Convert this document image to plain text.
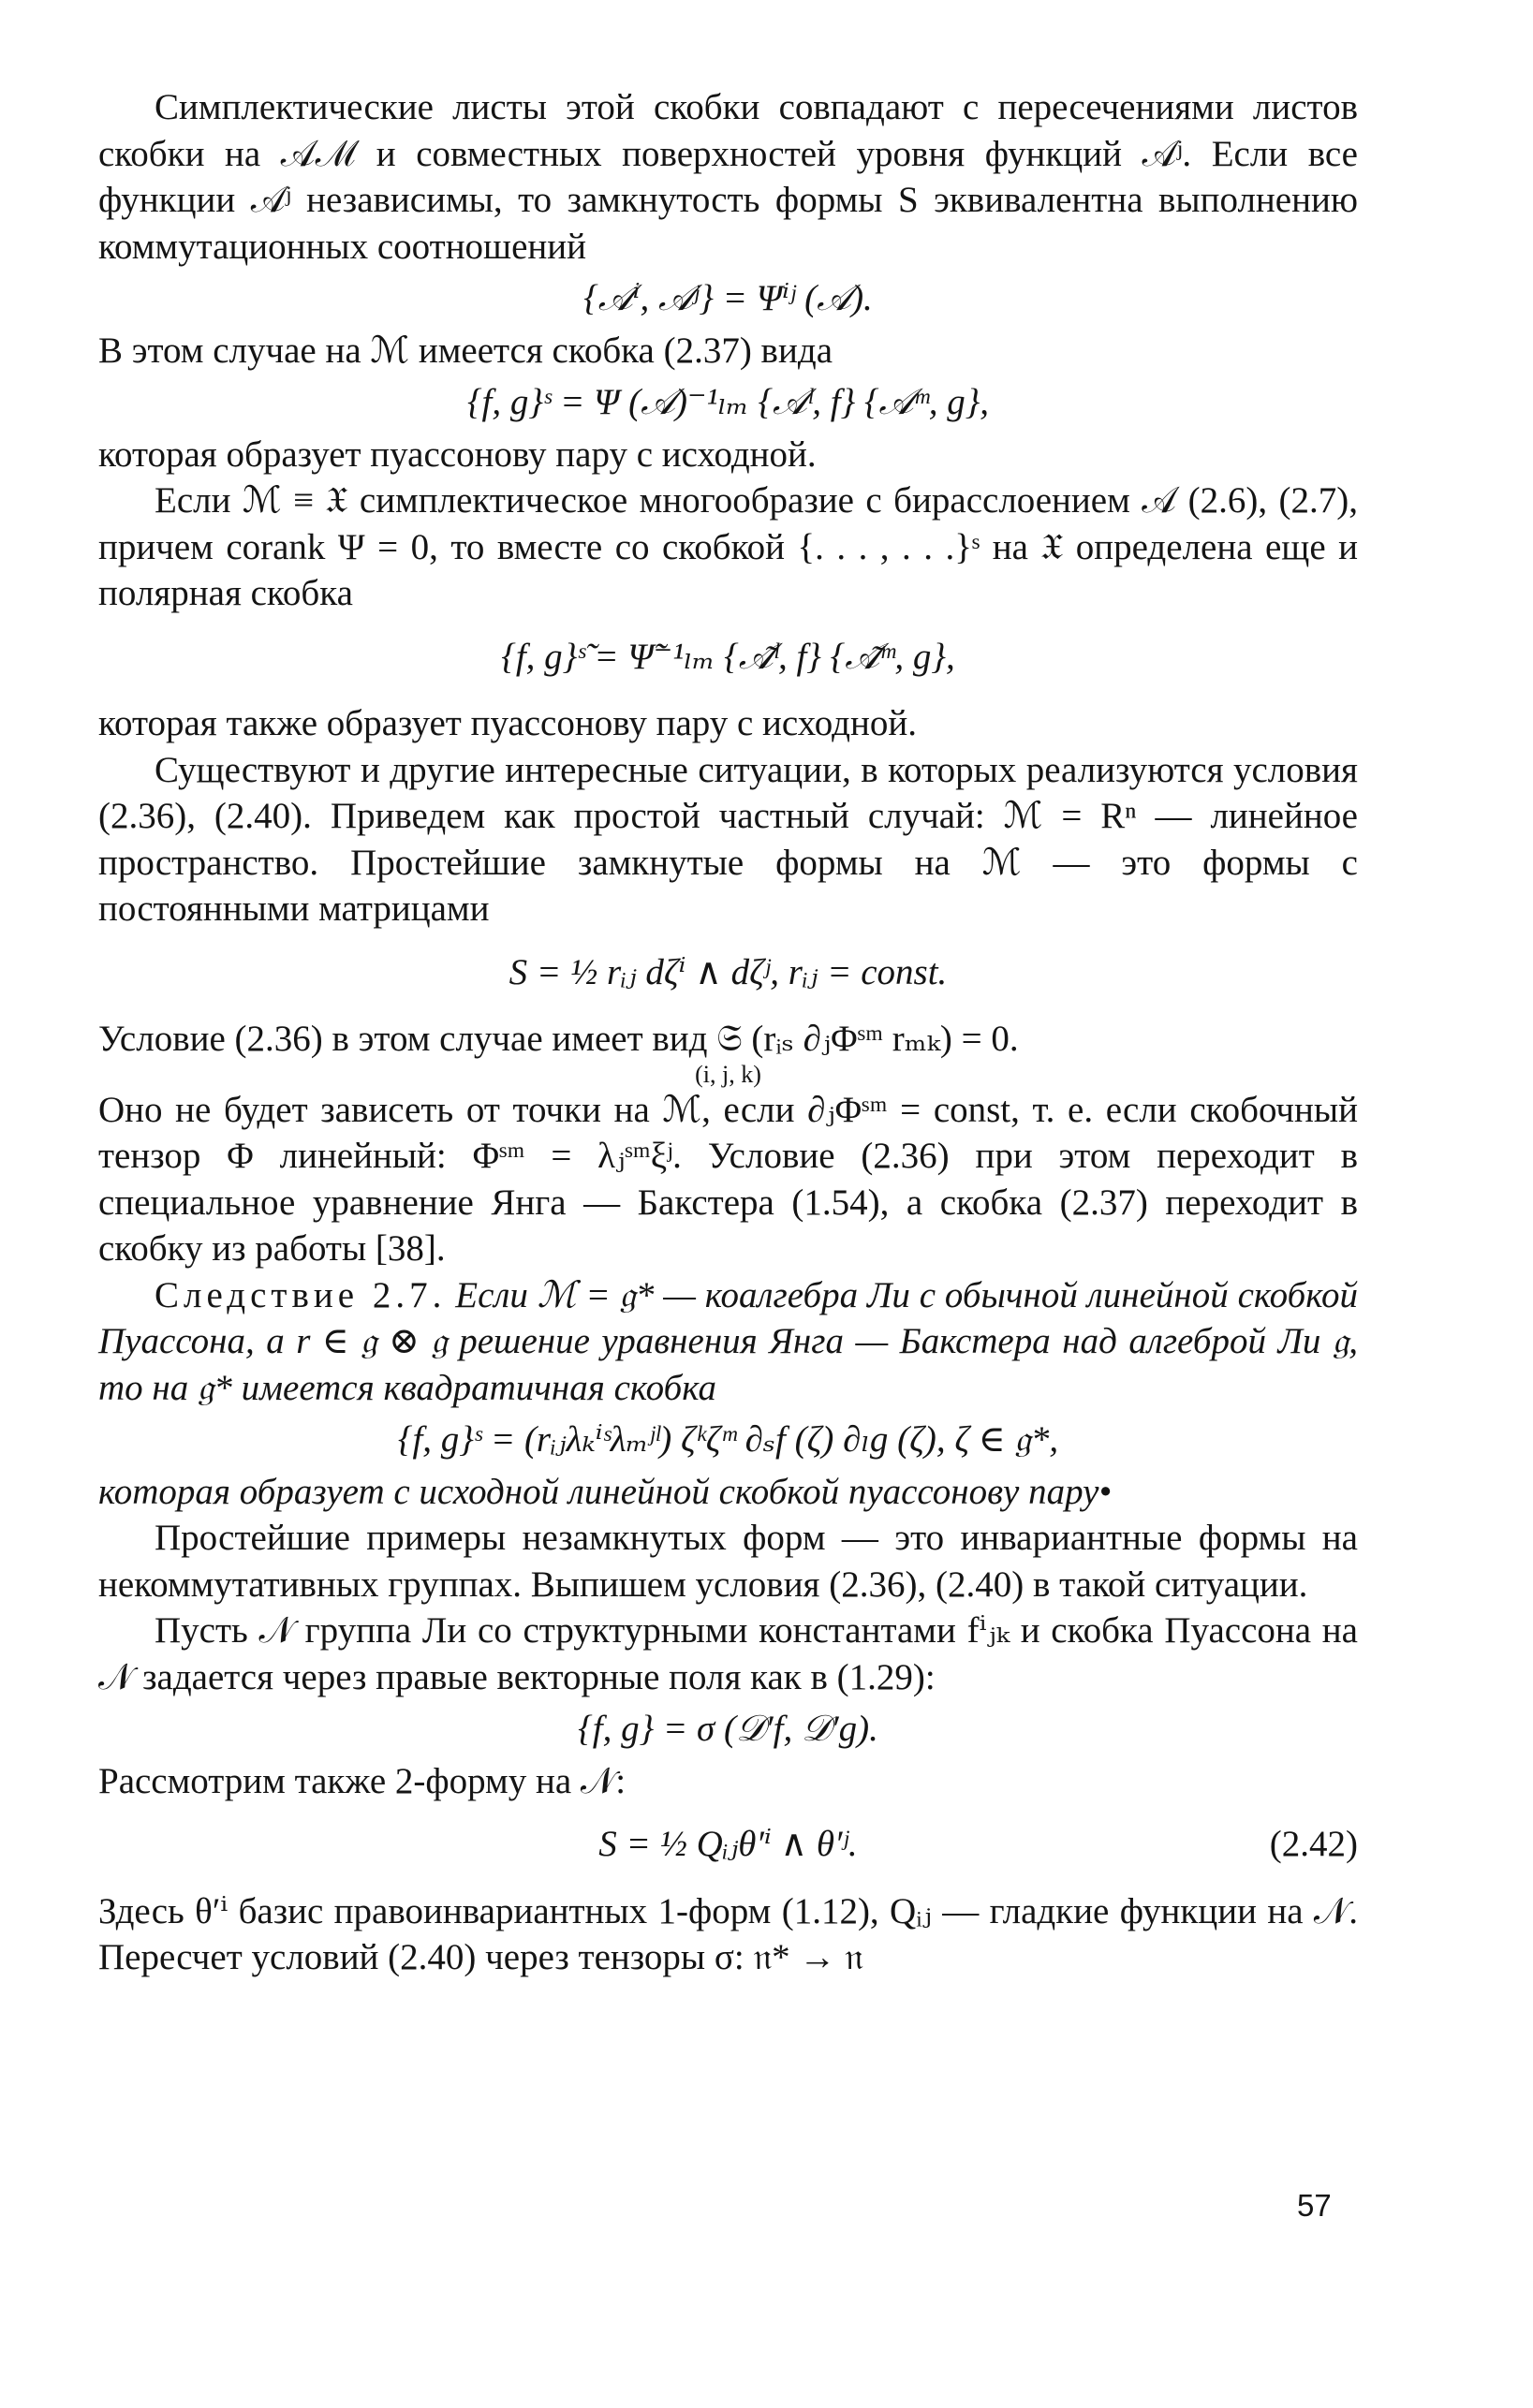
Симплектические листы этой скобки совпадают с пересечениями листов скобки на 𝒜ℳ и совместных поверхностей уровня функций 𝒜ʲ. Если все функции 𝒜ʲ независимы, то замкнутость формы S эквивалентна выполнению коммутационных соотношений

{𝒜ⁱ, 𝒜ʲ} = Ψⁱʲ (𝒜).

В этом случае на ℳ имеется скобка (2.37) вида

{f, g}ˢ = Ψ (𝒜)⁻¹ₗₘ {𝒜ˡ, f} {𝒜ᵐ, g},

которая образует пуассонову пару с исходной.

Если ℳ ≡ 𝔛 симплектическое многообразие с бирасслоением 𝒜 (2.6), (2.7), причем corank Ψ = 0, то вместе со скобкой {. . . , . . .}ˢ на 𝔛 определена еще и полярная скобка

{f, g}ˢ̃ = Ψ̃⁻¹ₗₘ {𝒜̃ˡ, f} {𝒜̃ᵐ, g},

которая также образует пуассонову пару с исходной.

Существуют и другие интересные ситуации, в которых реализуются условия (2.36), (2.40). Приведем как простой частный случай: ℳ = Rⁿ — линейное пространство. Простейшие замкнутые формы на ℳ — это формы с постоянными матрицами

S = ½ rᵢⱼ dζⁱ ∧ dζʲ, rᵢⱼ = const.

Условие (2.36) в этом случае имеет вид 𝔖 (rᵢₛ ∂ⱼΦˢᵐ rₘₖ) = 0.

(i, j, k)

Оно не будет зависеть от точки на ℳ, если ∂ⱼΦˢᵐ = const, т. е. если скобочный тензор Φ линейный: Φˢᵐ = λⱼˢᵐξʲ. Условие (2.36) при этом переходит в специальное уравнение Янга — Бакстера (1.54), а скобка (2.37) переходит в скобку из работы [38].

Следствие 2.7. Если ℳ = 𝔤* — коалгебра Ли с обычной линейной скобкой Пуассона, а r ∈ 𝔤 ⊗ 𝔤 решение уравнения Янга — Бакстера над алгеброй Ли 𝔤, то на 𝔤* имеется квадратичная скобка

{f, g}ˢ = (rᵢⱼλₖⁱˢλₘʲˡ) ζᵏζᵐ ∂ₛf (ζ) ∂ₗg (ζ), ζ ∈ 𝔤*,

которая образует с исходной линейной скобкой пуассонову пару•

Простейшие примеры незамкнутых форм — это инвариантные формы на некоммутативных группах. Выпишем условия (2.36), (2.40) в такой ситуации.

Пусть 𝒩 группа Ли со структурными константами fⁱⱼₖ и скобка Пуассона на 𝒩 задается через правые векторные поля как в (1.29):

{f, g} = σ (𝒟′f, 𝒟′g).

Рассмотрим также 2-форму на 𝒩:

S = ½ Qᵢⱼθ′ⁱ ∧ θ′ʲ.	(2.42)

Здесь θ′ⁱ базис правоинвариантных 1-форм (1.12), Qᵢⱼ — гладкие функции на 𝒩. Пересчет условий (2.40) через тензоры σ: 𝔫* → 𝔫

57
